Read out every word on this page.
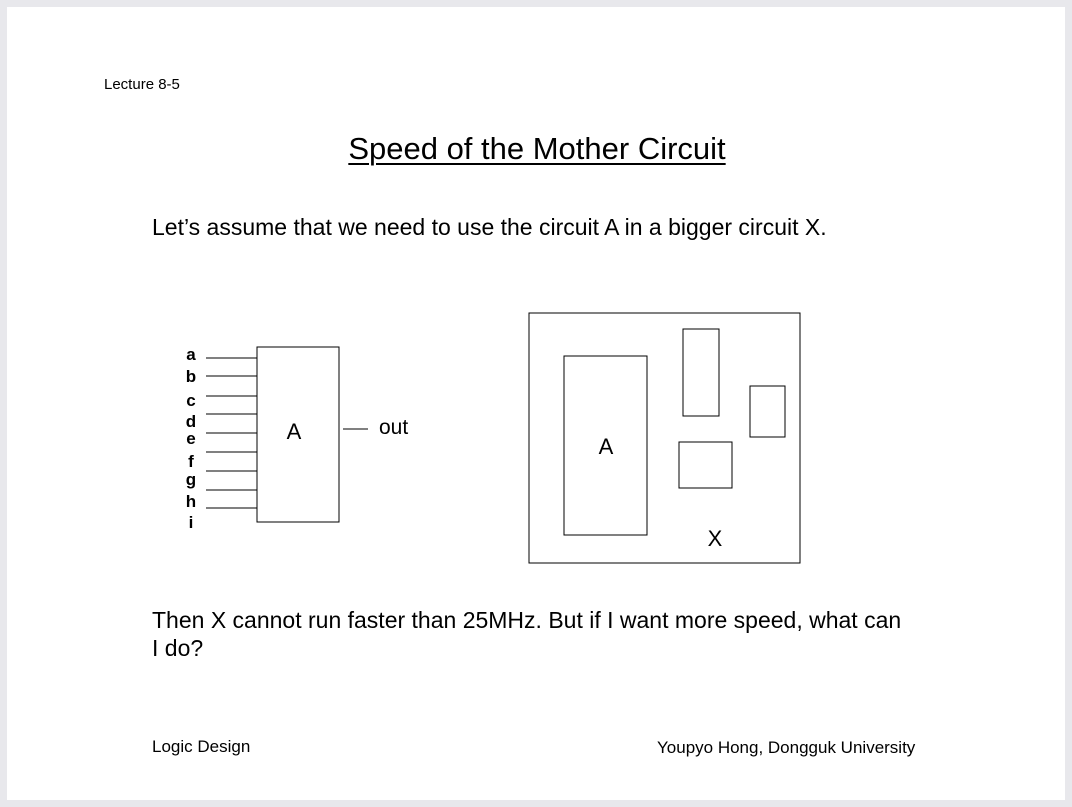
Lecture 8-5
Speed of the Mother Circuit
Let’s assume that we need to use the circuit A in a bigger circuit X.
A
a
b
c
d
e
f
g
h
i
out
A
X
Then X cannot run faster than 25MHz. But if I want more speed, what can I do?
Logic Design	Youpyo Hong, Dongguk University
